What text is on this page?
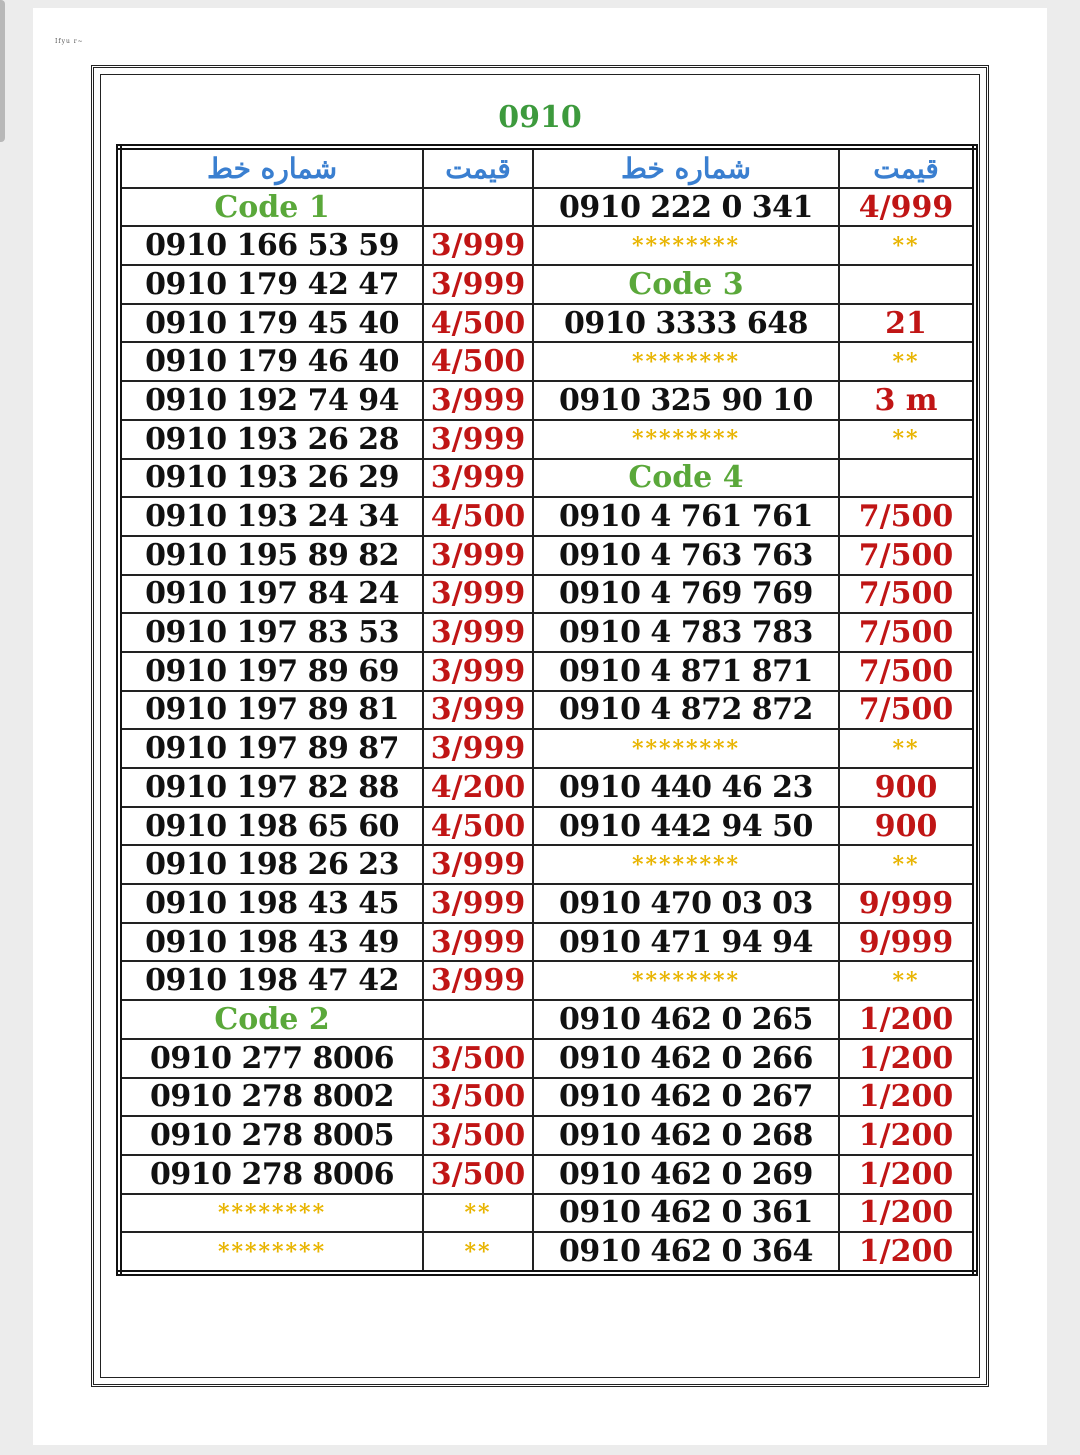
Ifyu r~
0910
شماره خط	قیمت	شماره خط	قیمت
Code 1		0910 222 0 341	4/999
0910 166 53 59	3/999	********	**
0910 179 42 47	3/999	Code 3	
0910 179 45 40	4/500	0910 3333 648	21
0910 179 46 40	4/500	********	**
0910 192 74 94	3/999	0910 325 90 10	3 m
0910 193 26 28	3/999	********	**
0910 193 26 29	3/999	Code 4	
0910 193 24 34	4/500	0910 4 761 761	7/500
0910 195 89 82	3/999	0910 4 763 763	7/500
0910 197 84 24	3/999	0910 4 769 769	7/500
0910 197 83 53	3/999	0910 4 783 783	7/500
0910 197 89 69	3/999	0910 4 871 871	7/500
0910 197 89 81	3/999	0910 4 872 872	7/500
0910 197 89 87	3/999	********	**
0910 197 82 88	4/200	0910 440 46 23	900
0910 198 65 60	4/500	0910 442 94 50	900
0910 198 26 23	3/999	********	**
0910 198 43 45	3/999	0910 470 03 03	9/999
0910 198 43 49	3/999	0910 471 94 94	9/999
0910 198 47 42	3/999	********	**
Code 2		0910 462 0 265	1/200
0910 277 8006	3/500	0910 462 0 266	1/200
0910 278 8002	3/500	0910 462 0 267	1/200
0910 278 8005	3/500	0910 462 0 268	1/200
0910 278 8006	3/500	0910 462 0 269	1/200
********	**	0910 462 0 361	1/200
********	**	0910 462 0 364	1/200
